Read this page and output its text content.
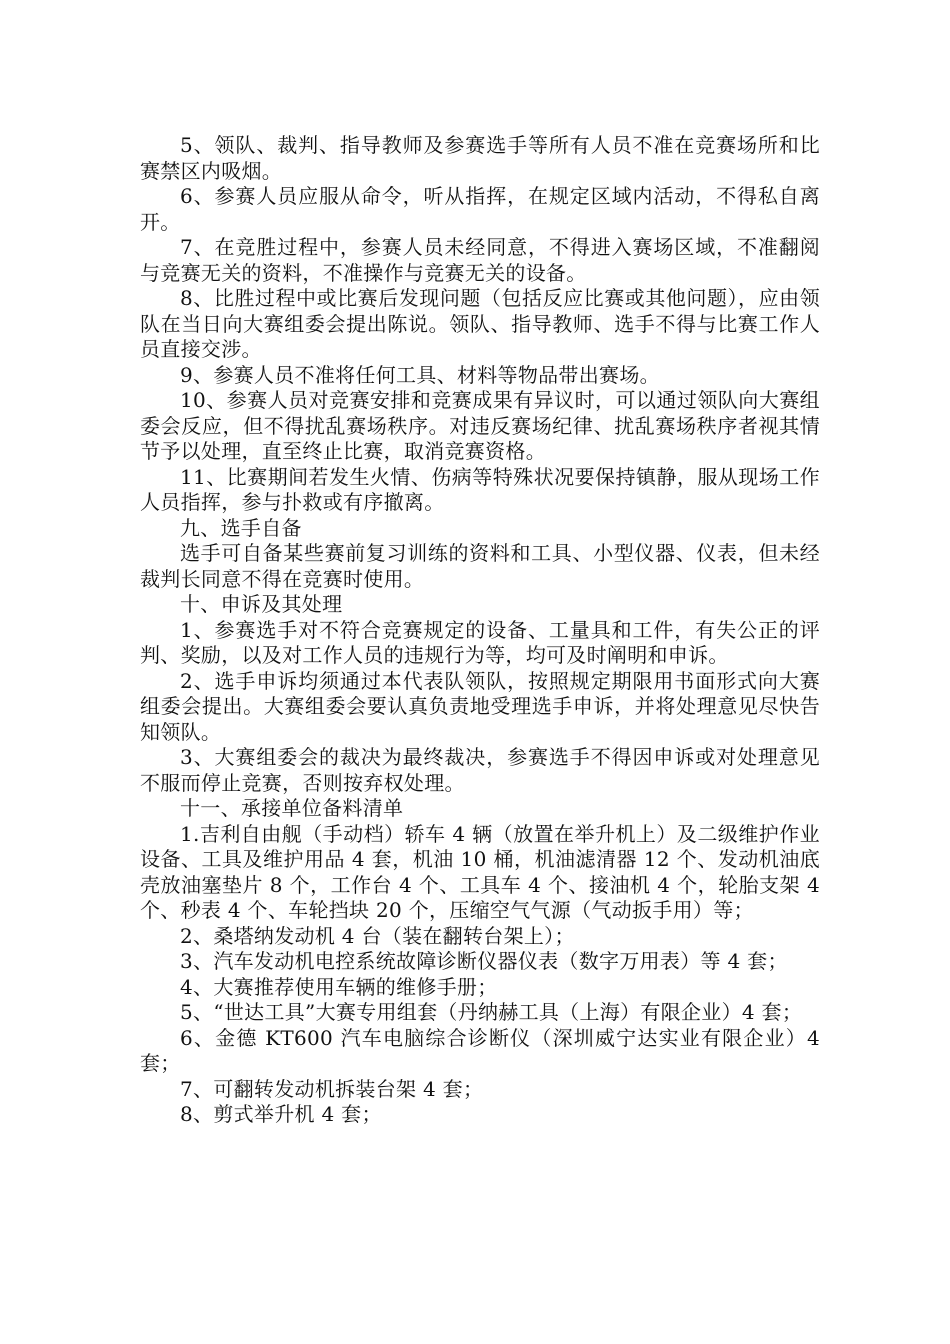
5、领队、裁判、指导教师及参赛选手等所有人员不准在竞赛场所和比赛禁区内吸烟。

6、参赛人员应服从命令，听从指挥，在规定区域内活动，不得私自离开。

7、在竞胜过程中，参赛人员未经同意，不得进入赛场区域，不准翻阅与竞赛无关的资料，不准操作与竞赛无关的设备。

8、比胜过程中或比赛后发现问题（包括反应比赛或其他问题），应由领队在当日向大赛组委会提出陈说。领队、指导教师、选手不得与比赛工作人员直接交涉。

9、参赛人员不准将任何工具、材料等物品带出赛场。

10、参赛人员对竞赛安排和竞赛成果有异议时，可以通过领队向大赛组委会反应，但不得扰乱赛场秩序。对违反赛场纪律、扰乱赛场秩序者视其情节予以处理，直至终止比赛，取消竞赛资格。

11、比赛期间若发生火情、伤病等特殊状况要保持镇静，服从现场工作人员指挥，参与扑救或有序撤离。

九、选手自备

选手可自备某些赛前复习训练的资料和工具、小型仪器、仪表，但未经裁判长同意不得在竞赛时使用。

十、申诉及其处理

1、参赛选手对不符合竞赛规定的设备、工量具和工件，有失公正的评判、奖励，以及对工作人员的违规行为等，均可及时阐明和申诉。

2、选手申诉均须通过本代表队领队，按照规定期限用书面形式向大赛组委会提出。大赛组委会要认真负责地受理选手申诉，并将处理意见尽快告知领队。

3、大赛组委会的裁决为最终裁决，参赛选手不得因申诉或对处理意见不服而停止竞赛，否则按弃权处理。

十一、承接单位备料清单

1.吉利自由舰（手动档）轿车 4 辆（放置在举升机上）及二级维护作业设备、工具及维护用品 4 套，机油 10 桶，机油滤清器 12 个、发动机油底壳放油塞垫片 8 个，工作台 4 个、工具车 4 个、接油机 4 个，轮胎支架 4 个、秒表 4 个、车轮挡块 20 个，压缩空气气源（气动扳手用）等；

2、桑塔纳发动机 4 台（装在翻转台架上）；

3、汽车发动机电控系统故障诊断仪器仪表（数字万用表）等 4 套；

4、大赛推荐使用车辆的维修手册；

5、“世达工具”大赛专用组套（丹纳赫工具（上海）有限企业）4 套；

6、金德 KT600 汽车电脑综合诊断仪（深圳威宁达实业有限企业）4 套；

7、可翻转发动机拆装台架 4 套；

8、剪式举升机 4 套；
